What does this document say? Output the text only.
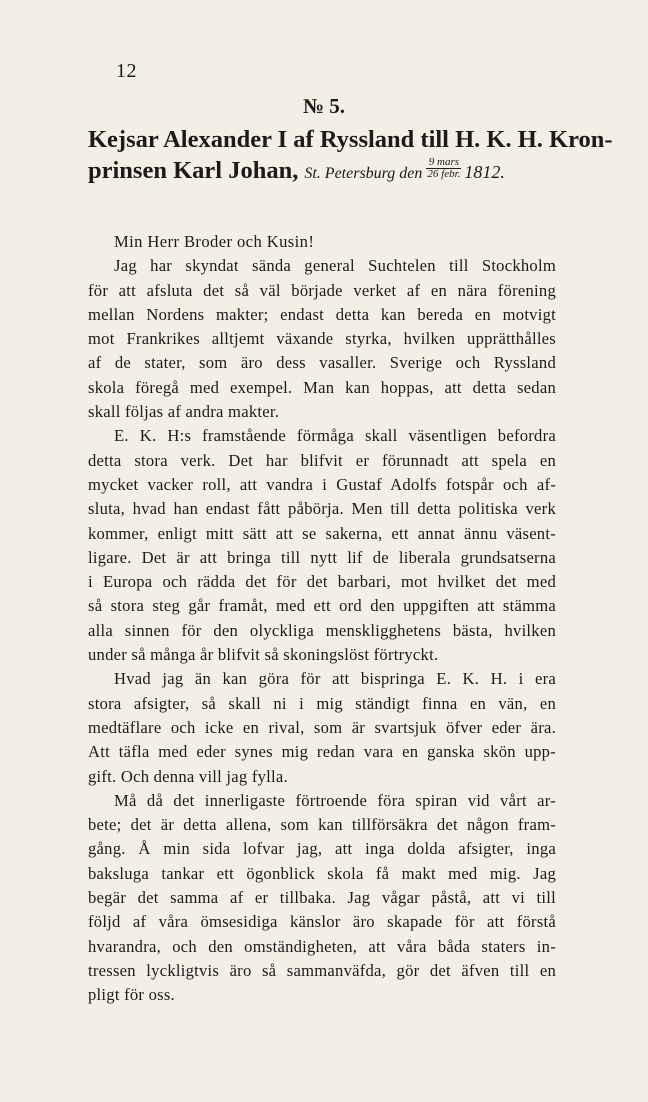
12
№ 5.
Kejsar Alexander I af Ryssland till H. K. H. Kron-
prinsen Karl Johan, St. Petersburg den $\frac{\text{9 mars}}{\text{26 febr.}} 1812$.
Min Herr Broder och Kusin!
Jag har skyndat sända general Suchtelen till Stockholm
för att afsluta det så väl började verket af en nära förening
mellan Nordens makter; endast detta kan bereda en motvigt
mot Frankrikes alltjemt växande styrka, hvilken upprätthålles
af de stater, som äro dess vasaller. Sverige och Ryssland
skola föregå med exempel. Man kan hoppas, att detta sedan
skall följas af andra makter.
E. K. H:s framstående förmåga skall väsentligen befordra
detta stora verk. Det har blifvit er förunnadt att spela en
mycket vacker roll, att vandra i Gustaf Adolfs fotspår och af-
sluta, hvad han endast fått påbörja. Men till detta politiska verk
kommer, enligt mitt sätt att se sakerna, ett annat ännu väsent-
ligare. Det är att bringa till nytt lif de liberala grundsatserna
i Europa och rädda det för det barbari, mot hvilket det med
så stora steg går framåt, med ett ord den uppgiften att stämma
alla sinnen för den olyckliga menskligghetens bästa, hvilken
under så många år blifvit så skoningslöst förtryckt.
Hvad jag än kan göra för att bispringa E. K. H. i era
stora afsigter, så skall ni i mig ständigt finna en vän, en
medtäflare och icke en rival, som är svartsjuk öfver eder ära.
Att täfla med eder synes mig redan vara en ganska skön upp-
gift. Och denna vill jag fylla.
Må då det innerligaste förtroende föra spiran vid vårt ar-
bete; det är detta allena, som kan tillförsäkra det någon fram-
gång. Å min sida lofvar jag, att inga dolda afsigter, inga
baksluga tankar ett ögonblick skola få makt med mig. Jag
begär det samma af er tillbaka. Jag vågar påstå, att vi till
följd af våra ömsesidiga känslor äro skapade för att förstå
hvarandra, och den omständigheten, att våra båda staters in-
tressen lyckligtvis äro så sammanväfda, gör det äfven till en
pligt för oss.
